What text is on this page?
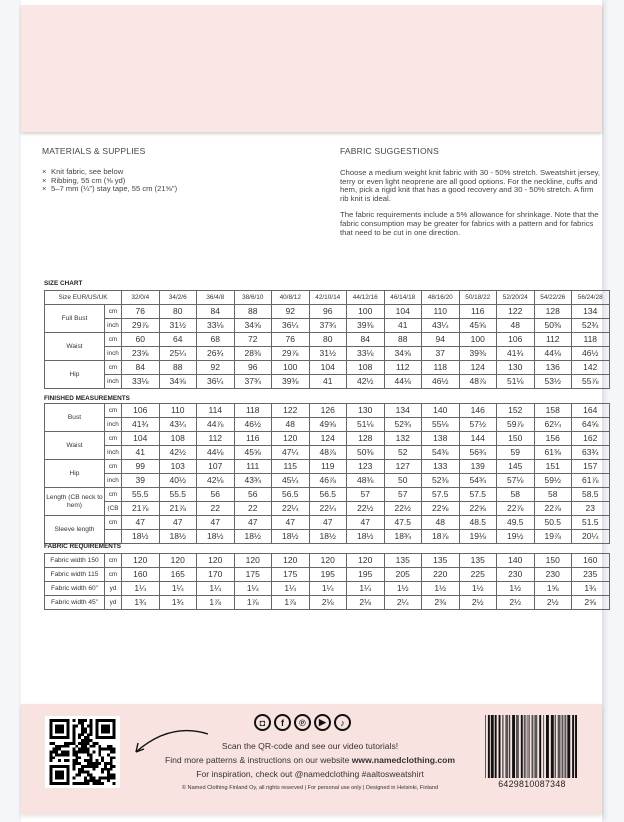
MATERIALS & SUPPLIES
× Knit fabric, see below
× Ribbing, 55 cm (⅝ yd)
× 5–7 mm (¼") stay tape, 55 cm (21⅝")
FABRIC SUGGESTIONS

Choose a medium weight knit fabric with 30 - 50% stretch. Sweatshirt jersey, terry or even light neoprene are all good options. For the neckline, cuffs and hem, pick a rigid knit that has a good recovery and 30 - 50% stretch. A firm rib knit is ideal.

The fabric requirements include a 5% allowance for shrinkage. Note that the fabric consumption may be greater for fabrics with a pattern and for fabrics that need to be cut in one direction.

SIZE CHART
Size EUR/US/UK		32/0/4	34/2/6	36/4/8	38/6/10	40/8/12	42/10/14	44/12/16	46/14/18	48/16/20	50/18/22	52/20/24	54/22/26	56/24/28
Full Bust	cm	76	80	84	88	92	96	100	104	110	116	122	128	134
	inch	29⅞	31½	33⅛	34⅝	36¼	37¾	39⅜	41	43¼	45⅝	48	50⅜	52¾
Waist	cm	60	64	68	72	76	80	84	88	94	100	106	112	118
	inch	23⅝	25¼	26¾	28⅜	29⅞	31½	33⅛	34⅝	37	39⅜	41¾	44⅛	46½
Hip	cm	84	88	92	96	100	104	108	112	118	124	130	136	142
	inch	33⅛	34⅝	36¼	37¾	39⅜	41	42½	44⅛	46½	48⅞	51⅛	53½	55⅞
FINISHED MEASUREMENTS
Bust	cm	106	110	114	118	122	126	130	134	140	146	152	158	164
	inch	41¾	43¼	44⅞	46½	48	49⅝	51⅛	52¾	55⅛	57½	59⅞	62¼	64⅝
Waist	cm	104	108	112	116	120	124	128	132	138	144	150	156	162
	inch	41	42½	44⅛	45⅝	47¼	48⅞	50⅜	52	54⅜	56¾	59	61⅜	63¾
Hip	cm	99	103	107	111	115	119	123	127	133	139	145	151	157
	inch	39	40½	42⅛	43¾	45¼	46⅞	48⅜	50	52⅜	54¾	57⅛	59½	61⅞
Length (CB neck to hem)	cm	55.5	55.5	56	56	56.5	56.5	57	57	57.5	57.5	58	58	58.5
	(CB	21⅞	21⅞	22	22	22¼	22¼	22½	22½	22⅝	22⅝	22⅞	22⅞	23
Sleeve length	cm	47	47	47	47	47	47	47	47.5	48	48.5	49.5	50.5	51.5
		18½	18½	18½	18½	18½	18½	18½	18¾	18⅞	19⅛	19½	19⅞	20¼
FABRIC REQUIREMENTS
Fabric width 150	cm	120	120	120	120	120	120	120	135	135	135	140	150	160
Fabric width 115	cm	160	165	170	175	175	195	195	205	220	225	230	230	235
Fabric width 60"	yd	1¼	1¼	1¼	1¼	1¼	1¼	1¼	1½	1½	1½	1½	1⅝	1¾
Fabric width 45"	yd	1¾	1¾	1⅞	1⅞	1⅞	2⅛	2⅛	2¼	2⅜	2½	2½	2½	2⅝
◘	f	℗	▶	♪
Scan the QR-code and see our video tutorials!
Find more patterns & instructions on our website www.namedclothing.com
For inspiration, check out @namedclothing #aaltosweatshirt
© Named Clothing Finland Oy, all rights reserved | For personal use only | Designed in Helsinki, Finland	6429810087348
